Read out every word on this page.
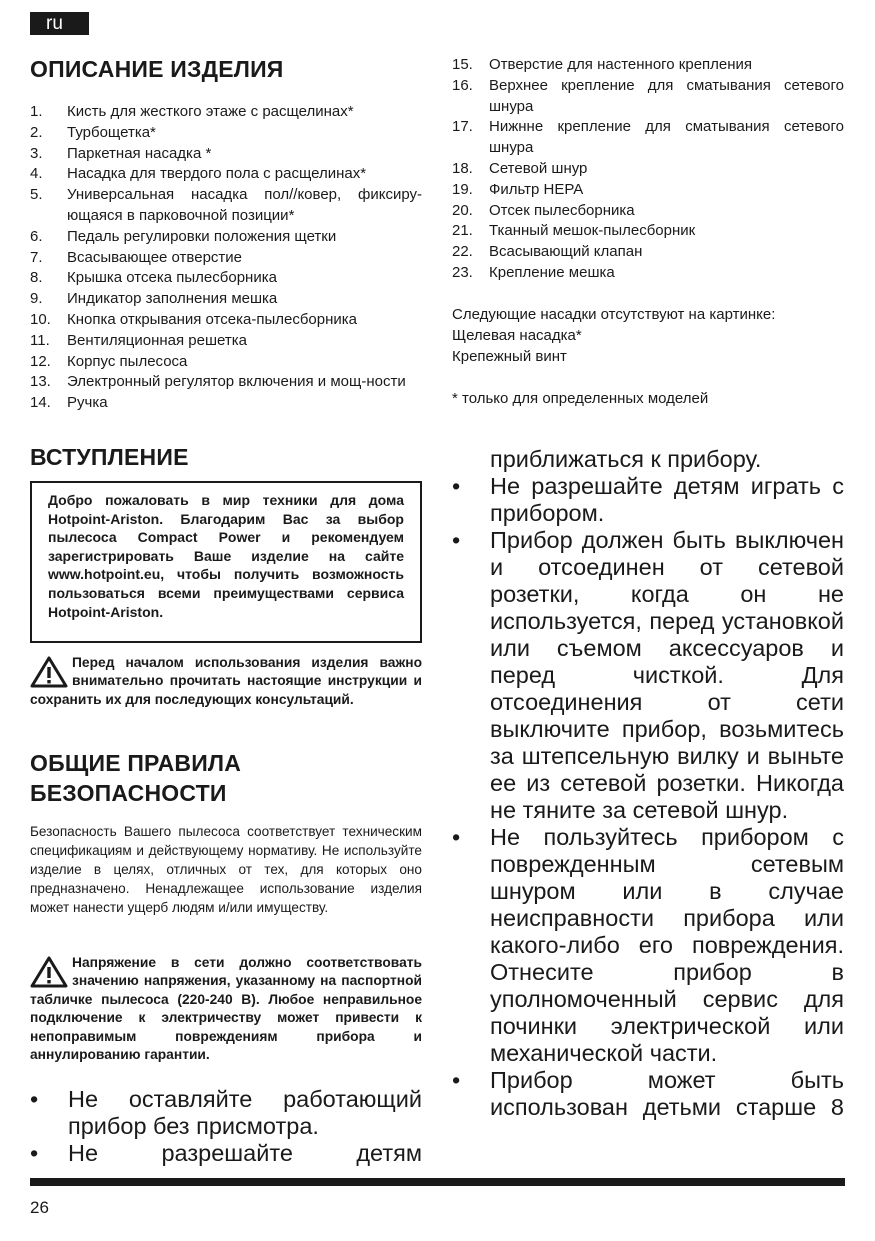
ru
ОПИСАНИЕ ИЗДЕЛИЯ
1. Кисть для жесткого этаже с расщелинах*
2. Турбощетка*
3. Паркетная насадка *
4. Насадка для твердого пола с расщелинах*
5. Универсальная насадка пол//ковер, фиксиру-ющаяся в парковочной позиции*
6. Педаль регулировки положения щетки
7. Всасывающее отверстие
8. Крышка отсека пылесборника
9. Индикатор заполнения мешка
10. Кнопка открывания отсека-пылесборника
11. Вентиляционная решетка
12. Корпус пылесоса
13. Электронный регулятор включения и мощ-ности
14. Ручка
ВСТУПЛЕНИЕ
Добро пожаловать в мир техники для дома Hotpoint-Ariston. Благодарим Вас за выбор пылесоса Compact Power и рекомендуем зарегистрировать Ваше изделие на сайте www.hotpoint.eu, чтобы получить возможность пользоваться всеми преимуществами сервиса Hotpoint-Ariston.
Перед началом использования изделия важно внимательно прочитать настоящие инструкции и сохранить их для последующих консультаций.
ОБЩИЕ ПРАВИЛА
БЕЗОПАСНОСТИ

Безопасность Вашего пылесоса соответствует техническим спецификациям и действующему нормативу. Не используйте изделие в целях, отличных от тех, для которых оно предназначено. Ненадлежащее использование изделия может нанести ущерб людям и/или имуществу.

Напряжение в сети должно соответствовать значению напряжения, указанному на паспортной табличке пылесоса (220-240 В). Любое неправильное подключение к электричеству может привести к непоправимым повреждениям прибора и аннулированию гарантии.
• Не оставляйте работающий прибор без присмотра.
• Не разрешайте детям
15. Отверстие для настенного крепления
16. Верхнее крепление для сматывания сетевого шнура
17. Нижнне крепление для сматывания сетевого шнура
18. Сетевой шнур
19. Фильтр HEPA
20. Отсек пылесборника
21. Тканный мешок-пылесборник
22. Всасывающий клапан
23. Крепление мешка

Следующие насадки отсутствуют на картинке:

Щелевая насадка*

Крепежный винт

* только для определенных моделей

приближаться к прибору.

• Не разрешайте детям играть с прибором.
• Прибор должен быть выключен и отсоединен от сетевой розетки, когда он не используется, перед установкой или съемом аксессуаров и перед чисткой. Для отсоединения от сети выключите прибор, возьмитесь за штепсельную вилку и выньте ее из сетевой розетки. Никогда не тяните за сетевой шнур.
• Не пользуйтесь прибором с поврежденным сетевым шнуром или в случае неисправности прибора или какого-либо его повреждения. Отнесите прибор в уполномоченный сервис для починки электрической или механической части.
• Прибор может быть использован детьми старше 8
26
